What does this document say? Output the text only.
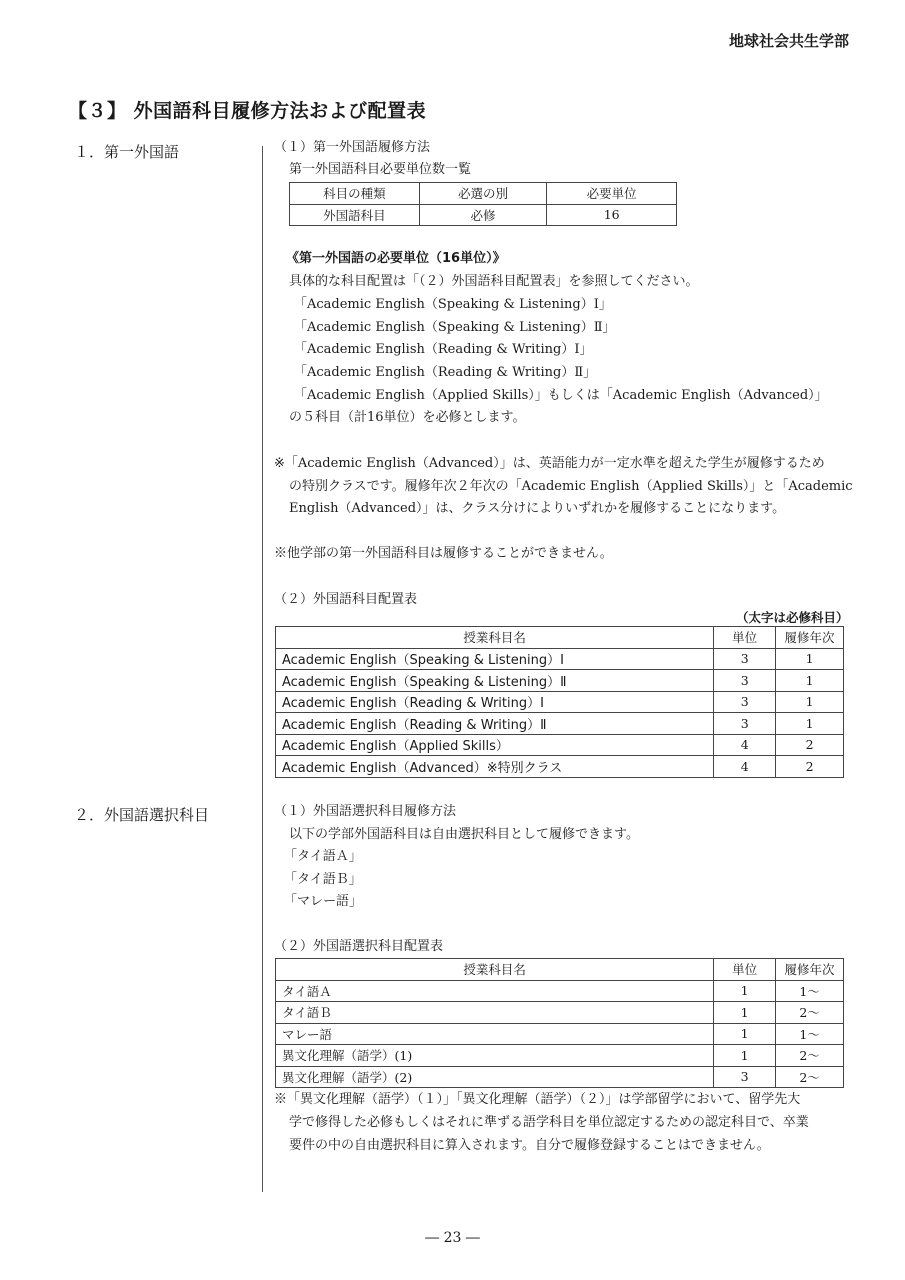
地球社会共生学部
【３】 外国語科目履修方法および配置表
１．第一外国語
２．外国語選択科目
（１）第一外国語履修方法
第一外国語科目必要単位数一覧
科目の種類	必選の別	必要単位
外国語科目	必修	16
《第一外国語の必要単位（16単位）》
具体的な科目配置は「（２）外国語科目配置表」を参照してください。
「Academic English（Speaking & Listening）Ⅰ」
「Academic English（Speaking & Listening）Ⅱ」
「Academic English（Reading & Writing）Ⅰ」
「Academic English（Reading & Writing）Ⅱ」
「Academic English（Applied Skills）」もしくは「Academic English（Advanced）」
の５科目（計16単位）を必修とします。
※「Academic English（Advanced）」は、英語能力が一定水準を超えた学生が履修するため
の特別クラスです。履修年次２年次の「Academic English（Applied Skills）」と「Academic
English（Advanced）」は、クラス分けによりいずれかを履修することになります。
※他学部の第一外国語科目は履修することができません。
（２）外国語科目配置表
（太字は必修科目）
授業科目名	単位	履修年次
Academic English（Speaking & Listening）Ⅰ	3	1
Academic English（Speaking & Listening）Ⅱ	3	1
Academic English（Reading & Writing）Ⅰ	3	1
Academic English（Reading & Writing）Ⅱ	3	1
Academic English（Applied Skills）	4	2
Academic English（Advanced）※特別クラス	4	2
（１）外国語選択科目履修方法
以下の学部外国語科目は自由選択科目として履修できます。
「タイ語Ａ」
「タイ語Ｂ」
「マレー語」
（２）外国語選択科目配置表
授業科目名	単位	履修年次
タイ語Ａ	1	1〜
タイ語Ｂ	1	2〜
マレー語	1	1〜
異文化理解（語学）(1)	1	2〜
異文化理解（語学）(2)	3	2〜
※「異文化理解（語学）（１）」「異文化理解（語学）（２）」は学部留学において、留学先大
学で修得した必修もしくはそれに準ずる語学科目を単位認定するための認定科目で、卒業
要件の中の自由選択科目に算入されます。自分で履修登録することはできません。
― 23 ―
